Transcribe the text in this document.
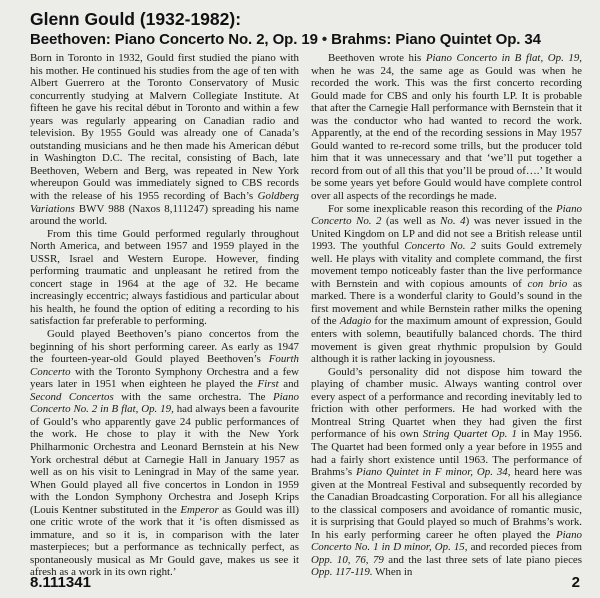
Glenn Gould (1932-1982):
Beethoven: Piano Concerto No. 2, Op. 19 • Brahms: Piano Quintet Op. 34

Born in Toronto in 1932, Gould first studied the piano with his mother. He continued his studies from the age of ten with Albert Guerrero at the Toronto Conservatory of Music concurrently studying at Malvern Collegiate Institute. At fifteen he gave his recital début in Toronto and within a few years was regularly appearing on Canadian radio and television. By 1955 Gould was already one of Canada’s outstanding musicians and he then made his American début in Washington D.C. The recital, consisting of Bach, late Beethoven, Webern and Berg, was repeated in New York whereupon Gould was immediately signed to CBS records with the release of his 1955 recording of Bach’s Goldberg Variations BWV 988 (Naxos 8,111247) spreading his name around the world.

From this time Gould performed regularly throughout North America, and between 1957 and 1959 played in the USSR, Israel and Western Europe. However, finding performing traumatic and unpleasant he retired from the concert stage in 1964 at the age of 32. He became increasingly eccentric; always fastidious and particular about his health, he found the option of editing a recording to his satisfaction far preferable to performing.

Gould played Beethoven’s piano concertos from the beginning of his short performing career. As early as 1947 the fourteen-year-old Gould played Beethoven’s Fourth Concerto with the Toronto Symphony Orchestra and a few years later in 1951 when eighteen he played the First and Second Concertos with the same orchestra. The Piano Concerto No. 2 in B flat, Op. 19, had always been a favourite of Gould’s who apparently gave 24 public performances of the work. He chose to play it with the New York Philharmonic Orchestra and Leonard Bernstein at his New York orchestral début at Carnegie Hall in January 1957 as well as on his visit to Leningrad in May of the same year. When Gould played all five concertos in London in 1959 with the London Symphony Orchestra and Joseph Krips (Louis Kentner substituted in the Emperor as Gould was ill) one critic wrote of the work that it ‘is often dismissed as immature, and so it is, in comparison with the later masterpieces; but a performance as technically perfect, as spontaneously musical as Mr Gould gave, makes us see it afresh as a work in its own right.’

Beethoven wrote his Piano Concerto in B flat, Op. 19, when he was 24, the same age as Gould was when he recorded the work. This was the first concerto recording Gould made for CBS and only his fourth LP. It is probable that after the Carnegie Hall performance with Bernstein that it was the conductor who had wanted to record the work. Apparently, at the end of the recording sessions in May 1957 Gould wanted to re-record some trills, but the producer told him that it was unnecessary and that ‘we’ll put together a record from out of all this that you’ll be proud of….’ It would be some years yet before Gould would have complete control over all aspects of the recordings he made.

For some inexplicable reason this recording of the Piano Concerto No. 2 (as well as No. 4) was never issued in the United Kingdom on LP and did not see a British release until 1993. The youthful Concerto No. 2 suits Gould extremely well. He plays with vitality and complete command, the first movement tempo noticeably faster than the live performance with Bernstein and with copious amounts of con brio as marked. There is a wonderful clarity to Gould’s sound in the first movement and while Bernstein rather milks the opening of the Adagio for the maximum amount of expression, Gould enters with solemn, beautifully balanced chords. The third movement is given great rhythmic propulsion by Gould although it is rather lacking in joyousness.

Gould’s personality did not dispose him toward the playing of chamber music. Always wanting control over every aspect of a performance and recording inevitably led to friction with other performers. He had worked with the Montreal String Quartet when they had given the first performance of his own String Quartet Op. 1 in May 1956. The Quartet had been formed only a year before in 1955 and had a fairly short existence until 1963. The performance of Brahms’s Piano Quintet in F minor, Op. 34, heard here was given at the Montreal Festival and subsequently recorded by the Canadian Broadcasting Corporation. For all his allegiance to the classical composers and avoidance of romantic music, it is surprising that Gould played so much of Brahms’s work. In his early performing career he often played the Piano Concerto No. 1 in D minor, Op. 15, and recorded pieces from Opp. 10, 76, 79 and the last three sets of late piano pieces Opp. 117-119. When in

8.111341	2
